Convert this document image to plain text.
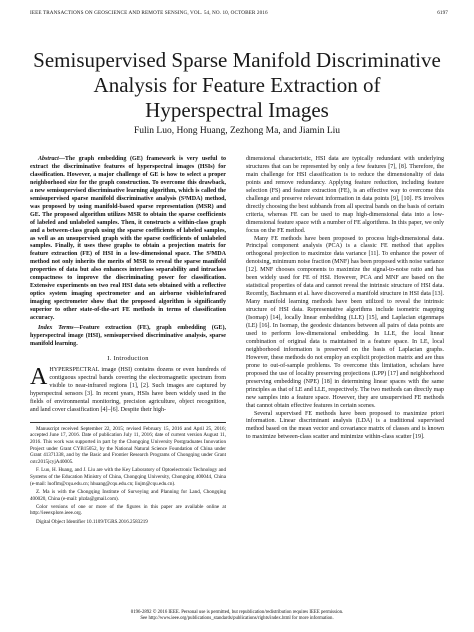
IEEE TRANSACTIONS ON GEOSCIENCE AND REMOTE SENSING, VOL. 54, NO. 10, OCTOBER 2016	6197
Semisupervised Sparse Manifold Discriminative
Analysis for Feature Extraction of
Hyperspectral Images
Fulin Luo, Hong Huang, Zezhong Ma, and Jiamin Liu

Abstract—The graph embedding (GE) framework is very useful to extract the discriminative features of hyperspectral images (HSIs) for classification. However, a major challenge of GE is how to select a proper neighborhood size for the graph construction. To overcome this drawback, a new semisupervised discriminative learning algorithm, which is called the semisupervised sparse manifold discriminative analysis (S³MDA) method, was proposed by using manifold-based sparse representation (MSR) and GE. The proposed algorithm utilizes MSR to obtain the sparse coefficients of labeled and unlabeled samples. Then, it constructs a within-class graph and a between-class graph using the sparse coefficients of labeled samples, as well as an unsupervised graph with the sparse coefficients of unlabeled samples. Finally, it uses these graphs to obtain a projection matrix for feature extraction (FE) of HSI in a low-dimensional space. The S³MDA method not only inherits the merits of MSR to reveal the sparse manifold properties of data but also enhances interclass separability and intraclass compactness to improve the discriminating power for classification. Extensive experiments on two real HSI data sets obtained with a reflective optics system imaging spectrometer and an airborne visible/infrared imaging spectrometer show that the proposed algorithm is significantly superior to other state-of-the-art FE methods in terms of classification accuracy.

Index Terms—Feature extraction (FE), graph embedding (GE), hyperspectral image (HSI), semisupervised discriminative analysis, sparse manifold learning.

I. Introduction

AHYPERSPECTRAL image (HSI) contains dozens or even hundreds of contiguous spectral bands covering the electromagnetic spectrum from visible to near-infrared regions [1], [2]. Such images are captured by hyperspectral sensors [3]. In recent years, HSIs have been widely used in the fields of environmental monitoring, precision agriculture, object recognition, and land cover classification [4]–[6]. Despite their high-

Manuscript received September 22, 2015; revised February 15, 2016 and April 25, 2016; accepted June 17, 2016. Date of publication July 11, 2016; date of current version August 11, 2016. This work was supported in part by the Chongqing University Postgraduates Innovation Project under Grant CYB15052, by the National Natural Science Foundation of China under Grant 41371338, and by the Basic and Frontier Research Programs of Chongqing under Grant cstc2015jcyjA40005.

F. Luo, H. Huang, and J. Liu are with the Key Laboratory of Optoelectronic Technology and Systems of the Education Ministry of China, Chongqing University, Chongqing 400044, China (e-mail: luoflm@cqu.edu.cn; hhuang@cqu.edu.cn; liujm@cqu.edu.cn).

Z. Ma is with the Chongqing Institute of Surveying and Planning for Land, Chongqing 400020, China (e-mail: plzda@gmail.com).

Color versions of one or more of the figures in this paper are available online at http://ieeexplore.ieee.org.

Digital Object Identifier 10.1109/TGRS.2016.2583219

dimensional characteristic, HSI data are typically redundant with underlying structures that can be represented by only a few features [7], [8]. Therefore, the main challenge for HSI classification is to reduce the dimensionality of data points and remove redundancy. Applying feature reduction, including feature selection (FS) and feature extraction (FE), is an effective way to overcome this challenge and preserve relevant information in data points [9], [10]. FS involves directly choosing the best subbands from all spectral bands on the basis of certain criteria, whereas FE can be used to map high-dimensional data into a low-dimensional feature space with a number of FE algorithms. In this paper, we only focus on the FE method.

Many FE methods have been proposed to process high-dimensional data. Principal component analysis (PCA) is a classic FE method that applies orthogonal projection to maximize data variance [11]. To enhance the power of denoising, minimum noise fraction (MNF) has been proposed with noise variance [12]. MNF chooses components to maximize the signal-to-noise ratio and has been widely used for FE of HSI. However, PCA and MNF are based on the statistical properties of data and cannot reveal the intrinsic structure of HSI data. Recently, Bachmann et al. have discovered a manifold structure in HSI data [13]. Many manifold learning methods have been utilized to reveal the intrinsic structure of HSI data. Representative algorithms include isometric mapping (Isomap) [14], locally linear embedding (LLE) [15], and Laplacian eigenmaps (LE) [16]. In Isomap, the geodesic distances between all pairs of data points are used to perform low-dimensional embedding. In LLE, the local linear combination of original data is maintained in a feature space. In LE, local neighborhood information is preserved on the basis of Laplacian graphs. However, these methods do not employ an explicit projection matrix and are thus prone to out-of-sample problems. To overcome this limitation, scholars have proposed the use of locality preserving projections (LPP) [17] and neighborhood preserving embedding (NPE) [18] in determining linear spaces with the same principles as that of LE and LLE, respectively. The two methods can directly map new samples into a feature space. However, they are unsupervised FE methods that cannot obtain effective features in certain scenes.

Several supervised FE methods have been proposed to maximize priori information. Linear discriminant analysis (LDA) is a traditional supervised method based on the mean vector and covariance matrix of classes and is known to maximize between-class scatter and minimize within-class scatter [19].

0196-2892 © 2016 IEEE. Personal use is permitted, but republication/redistribution requires IEEE permission.
See http://www.ieee.org/publications_standards/publications/rights/index.html for more information.
